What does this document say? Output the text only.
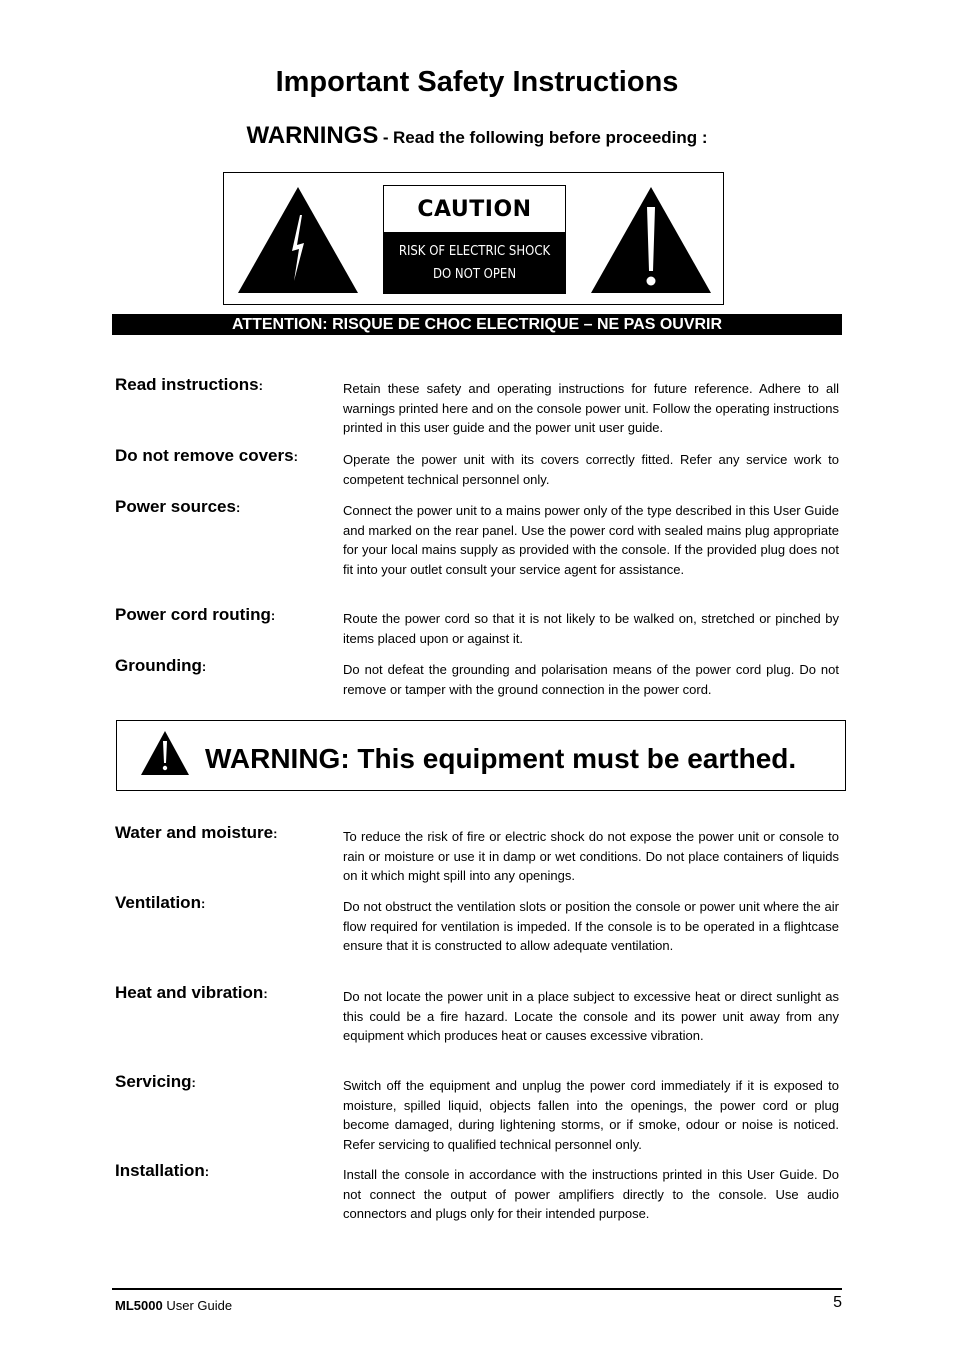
Important Safety Instructions
WARNINGS - Read the following before proceeding :
CAUTION
RISK OF ELECTRIC SHOCK
DO NOT OPEN
ATTENTION: RISQUE DE CHOC ELECTRIQUE – NE PAS OUVRIR
Read instructions:	Retain these safety and operating instructions for future reference. Adhere to all warnings printed here and on the console power unit. Follow the operating instructions printed in this user guide and the power unit user guide.
Do not remove covers:	Operate the power unit with its covers correctly fitted. Refer any service work to competent technical personnel only.
Power sources:	Connect the power unit to a mains power only of the type described in this User Guide and marked on the rear panel. Use the power cord with sealed mains plug appropriate for your local mains supply as provided with the console. If the provided plug does not fit into your outlet consult your service agent for assistance.
Power cord routing:	Route the power cord so that it is not likely to be walked on, stretched or pinched by items placed upon or against it.
Grounding:	Do not defeat the grounding and polarisation means of the power cord plug. Do not remove or tamper with the ground connection in the power cord.
WARNING: This equipment must be earthed.
Water and moisture:	To reduce the risk of fire or electric shock do not expose the power unit or console to rain or moisture or use it in damp or wet conditions. Do not place containers of liquids on it which might spill into any openings.
Ventilation:	Do not obstruct the ventilation slots or position the console or power unit where the air flow required for ventilation is impeded. If the console is to be operated in a flightcase ensure that it is constructed to allow adequate ventilation.
Heat and vibration:	Do not locate the power unit in a place subject to excessive heat or direct sunlight as this could be a fire hazard. Locate the console and its power unit away from any equipment which produces heat or causes excessive vibration.
Servicing:	Switch off the equipment and unplug the power cord immediately if it is exposed to moisture, spilled liquid, objects fallen into the openings, the power cord or plug become damaged, during lightening storms, or if smoke, odour or noise is noticed. Refer servicing to qualified technical personnel only.
Installation:	Install the console in accordance with the instructions printed in this User Guide. Do not connect the output of power amplifiers directly to the console. Use audio connectors and plugs only for their intended purpose.
ML5000 User Guide	5
